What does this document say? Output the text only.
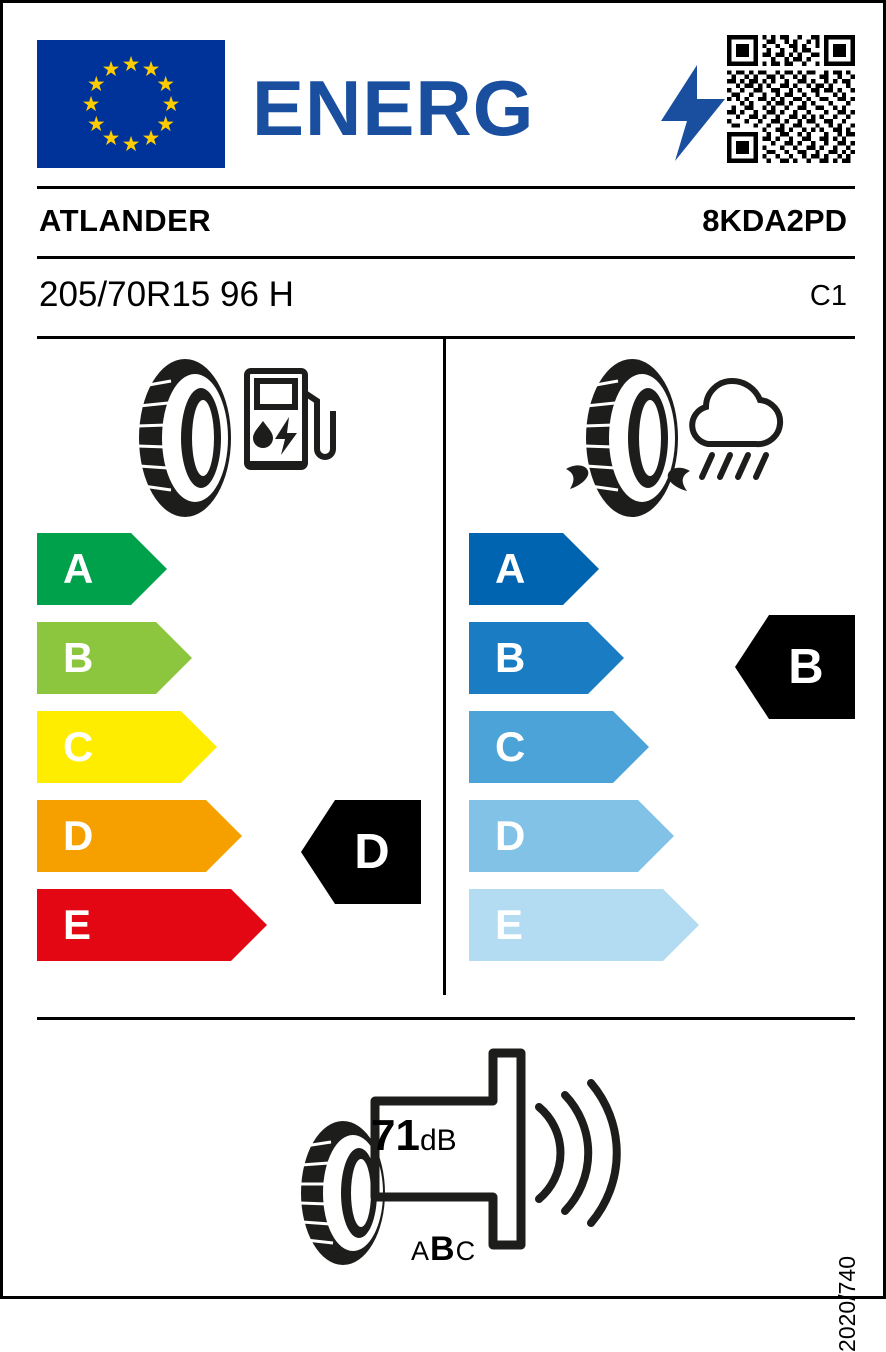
★ ★
★
★
★
★
★
★
★
★
★
★ ENERG
ATLANDER	8KDA2PD
205/70R15 96 H	C1
A
B
C
D
E
A
B
C
D
E
D
B
71dB
ABC
2020/740
